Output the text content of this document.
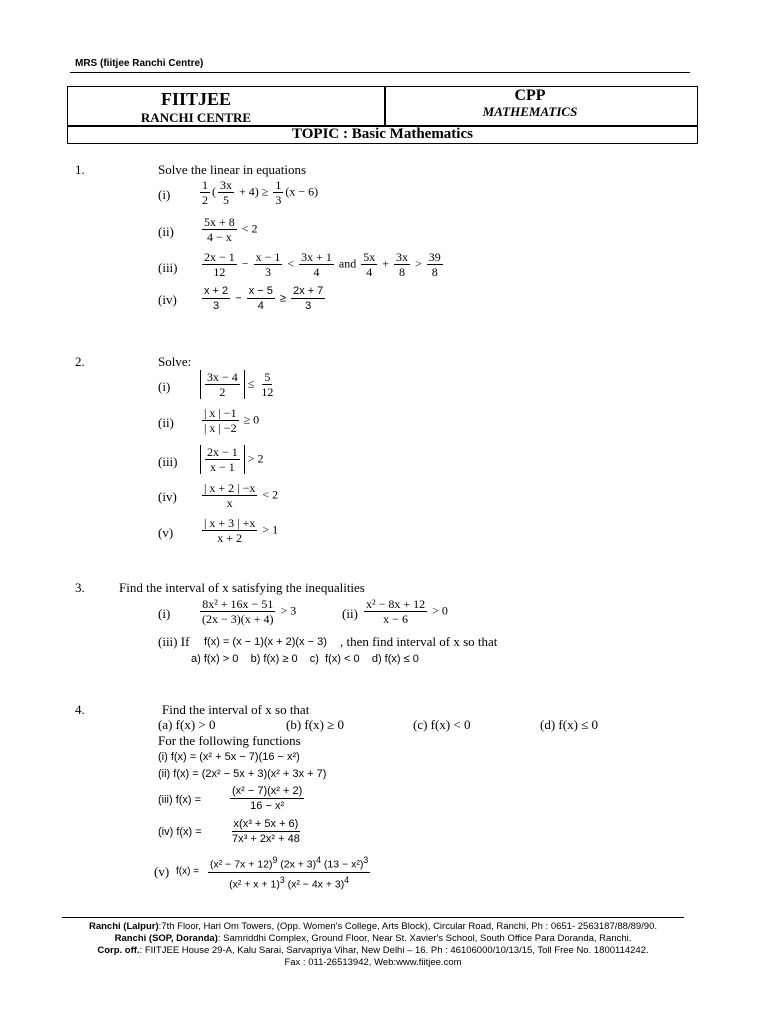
MRS (fiitjee Ranchi Centre)
FIITJEE
RANCHI CENTRE
CPP
MATHEMATICS
TOPIC : Basic Mathematics
1.	Solve the linear in equations
$(i) \frac{1}{2}$ ( $\frac{3x}{5} + 4) \ge \frac{1}{3} (x - 6)$
$(ii) \frac{5x + 8}{4 - x} < 2$
$(iii) \frac{2x - 1}{12} - \frac{x - 1}{3} < \frac{3x + 1}{4}$ and $\frac{5x}{4} + \frac{3x}{8} > \frac{39}{8}$
$(iv) \frac{x + 2}{3} - \frac{x - 5}{4} \ge \frac{2x + 7}{3}$
2.	Solve:
(i)	$\frac{3x - 4}{2} \le \frac{5}{12}$
$(ii) \frac{| x | -1}{| x | -2} \ge 0$
$(iii) \frac{2x - 1}{x - 1} > 2$
$(iv) \frac{| x + 2 | -x}{x} < 2$
$(v) \frac{| x + 3 | +x}{x + 2} > 1$
3.	Find the interval of x satisfying the inequalities
$(i) \frac{\text{8x² + 16x − 51}}{(2x - 3)(x + 4)} > 3$	$(ii) \frac{\text{x² − 8x + 12}}{x - 6} > 0$
(iii) If f(x) = (x − 1)(x + 2)(x − 3) , then find interval of x so that
a) f(x) > 0    b) f(x) ≥ 0    c)  f(x) < 0    d) f(x) ≤ 0
4.	Find the interval of x so that
(a) f(x) > 0	(b) f(x) ≥ 0	(c) f(x) < 0	(d) f(x) ≤ 0
For the following functions
(i) f(x) = (x² + 5x − 7)(16 − x²)
(ii) f(x) = (2x² − 5x + 3)(x² + 3x + 7)
(iii) f(x) =	$\frac{\text{(x² − 7)(x² + 2)}}{\text{16 − x²}}$
(iv) f(x) =	$\frac{\text{x(x³ + 5x + 6)}}{\text{7x³ + 2x² + 48}}$
(v) $f(x) = \frac{(x^2 - 7x + 12)^9 (2x + 3)^4 (13 - x^2)^3}{(x^2 + x + 1)^3 (x^2 - 4x + 3)^4}$
Ranchi (Lalpur):7th Floor, Hari Om Towers, (Opp. Women's College, Arts Block), Circular Road, Ranchi, Ph : 0651- 2563187/88/89/90.
Ranchi (SOP, Doranda): Samriddhi Complex, Ground Floor, Near St. Xavier's School, South Office Para Doranda, Ranchi.
Corp. off.: FIITJEE House 29-A, Kalu Sarai, Sarvapriya Vihar, New Delhi – 16. Ph : 46106000/10/13/15, Toll Free No. 1800114242.
Fax : 011-26513942, Web:www.fiitjee.com
